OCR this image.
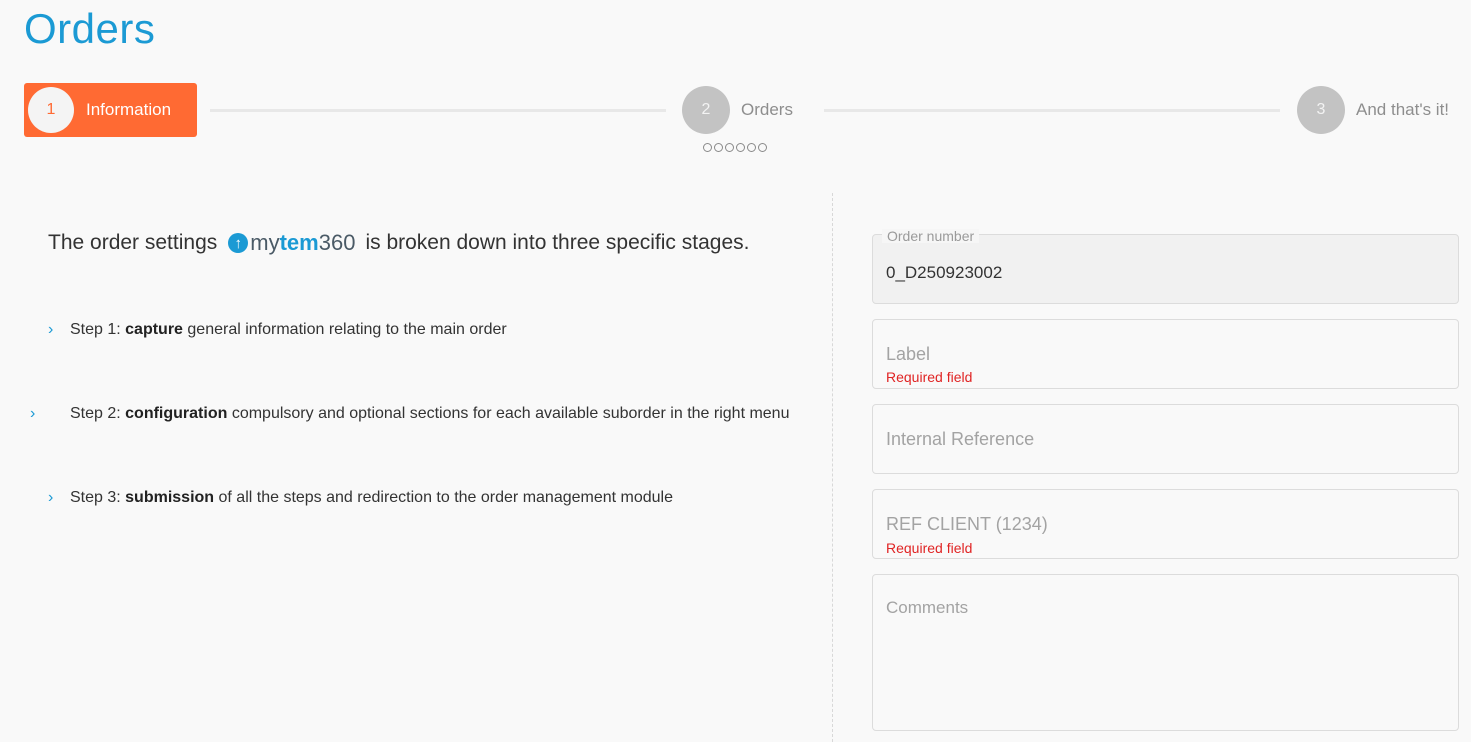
Orders
1	Information	2	Orders	3	And that's it!
The order settings	↑ mytem360 is broken down into three specific stages.
› Step 1: capture general information relating to the main order
› Step 2: configuration compulsory and optional sections for each available suborder in the right menu
› Step 3: submission of all the steps and redirection to the order management module
Order number
0_D250923002
Label
Required field
Internal Reference
REF CLIENT (1234)
Required field
Comments
